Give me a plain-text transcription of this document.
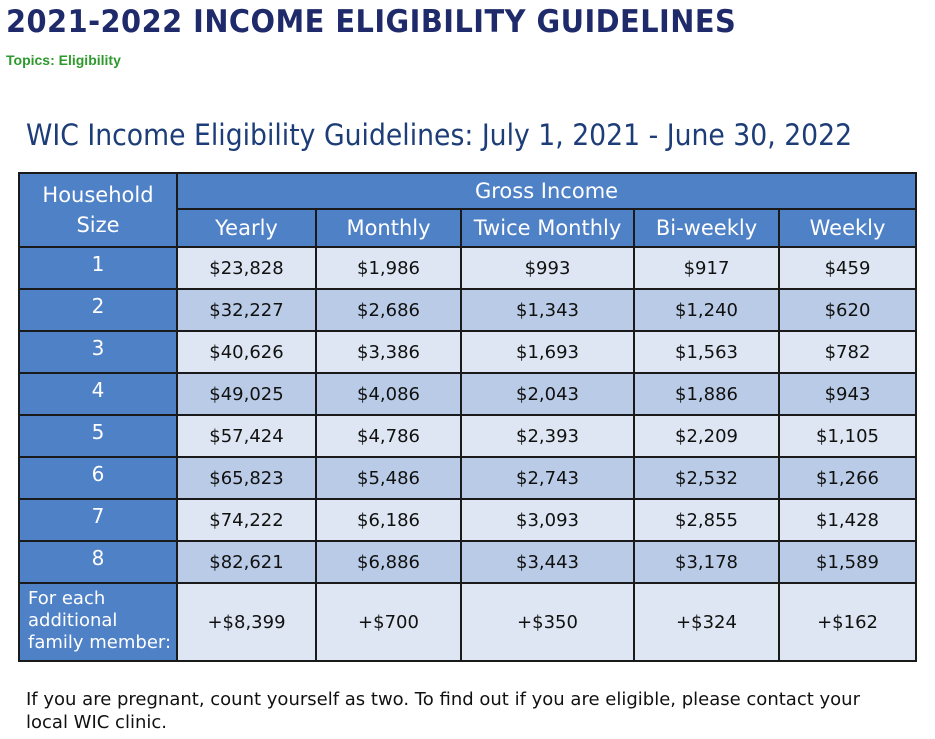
2021-2022 INCOME ELIGIBILITY GUIDELINES
Topics: Eligibility
WIC Income Eligibility Guidelines: July 1, 2021 - June 30, 2022
Household Size	Gross Income				
	Yearly	Monthly	Twice Monthly	Bi-weekly	Weekly
1	$23,828	$1,986	$993	$917	$459
2	$32,227	$2,686	$1,343	$1,240	$620
3	$40,626	$3,386	$1,693	$1,563	$782
4	$49,025	$4,086	$2,043	$1,886	$943
5	$57,424	$4,786	$2,393	$2,209	$1,105
6	$65,823	$5,486	$2,743	$2,532	$1,266
7	$74,222	$6,186	$3,093	$2,855	$1,428
8	$82,621	$6,886	$3,443	$3,178	$1,589

For each
additional
family member:	+$8,399	+$700	+$350	+$324	+$162
If you are pregnant, count yourself as two. To find out if you are eligible, please contact your local WIC clinic.
